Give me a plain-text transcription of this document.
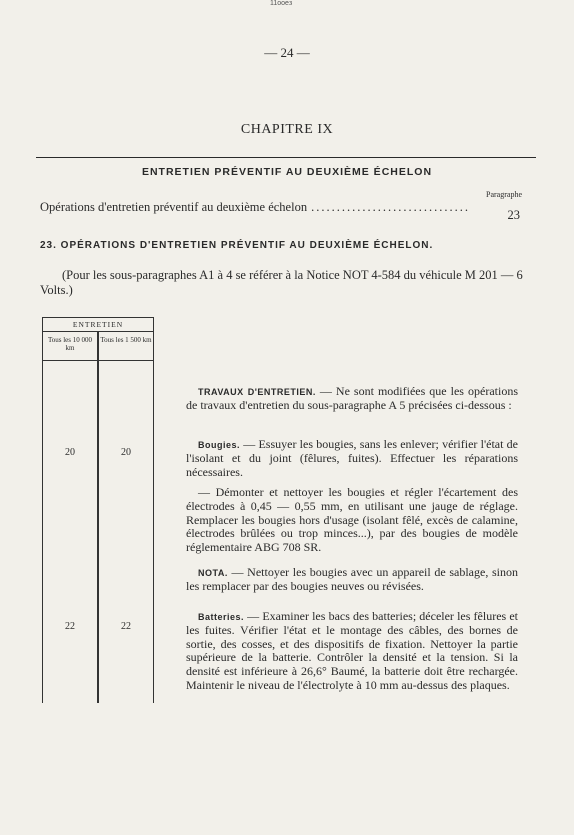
11ooeз
— 24 —
CHAPITRE IX
ENTRETIEN PRÉVENTIF AU DEUXIÈME ÉCHELON
Paragraphe
Opérations d'entretien préventif au deuxième échelon ...............................
23
23. OPÉRATIONS D'ENTRETIEN PRÉVENTIF AU DEUXIÈME ÉCHELON.
(Pour les sous-paragraphes A1 à 4 se référer à la Notice NOT 4-584 du véhicule M 201 — 6 Volts.)
ENTRETIEN
Tous les 10 000 km
20
22
Tous les 1 500 km
20
22
TRAVAUX D'ENTRETIEN. — Ne sont modifiées que les opérations de travaux d'entretien du sous-paragraphe A 5 précisées ci-dessous :
Bougies. — Essuyer les bougies, sans les enlever; vérifier l'état de l'isolant et du joint (fêlures, fuites). Effectuer les réparations nécessaires.
— Démonter et nettoyer les bougies et régler l'écartement des électrodes à 0,45 — 0,55 mm, en utilisant une jauge de réglage. Remplacer les bougies hors d'usage (isolant fêlé, excès de calamine, électrodes brûlées ou trop minces...), par des bougies de modèle réglementaire ABG 708 SR.
NOTA. — Nettoyer les bougies avec un appareil de sablage, sinon les remplacer par des bougies neuves ou révisées.
Batteries. — Examiner les bacs des batteries; déceler les fêlures et les fuites. Vérifier l'état et le montage des câbles, des bornes de sortie, des cosses, et des dispositifs de fixation. Nettoyer la partie supérieure de la batterie. Contrôler la densité et la tension. Si la densité est inférieure à 26,6° Baumé, la batterie doit être rechargée. Maintenir le niveau de l'électrolyte à 10 mm au-dessus des plaques.
